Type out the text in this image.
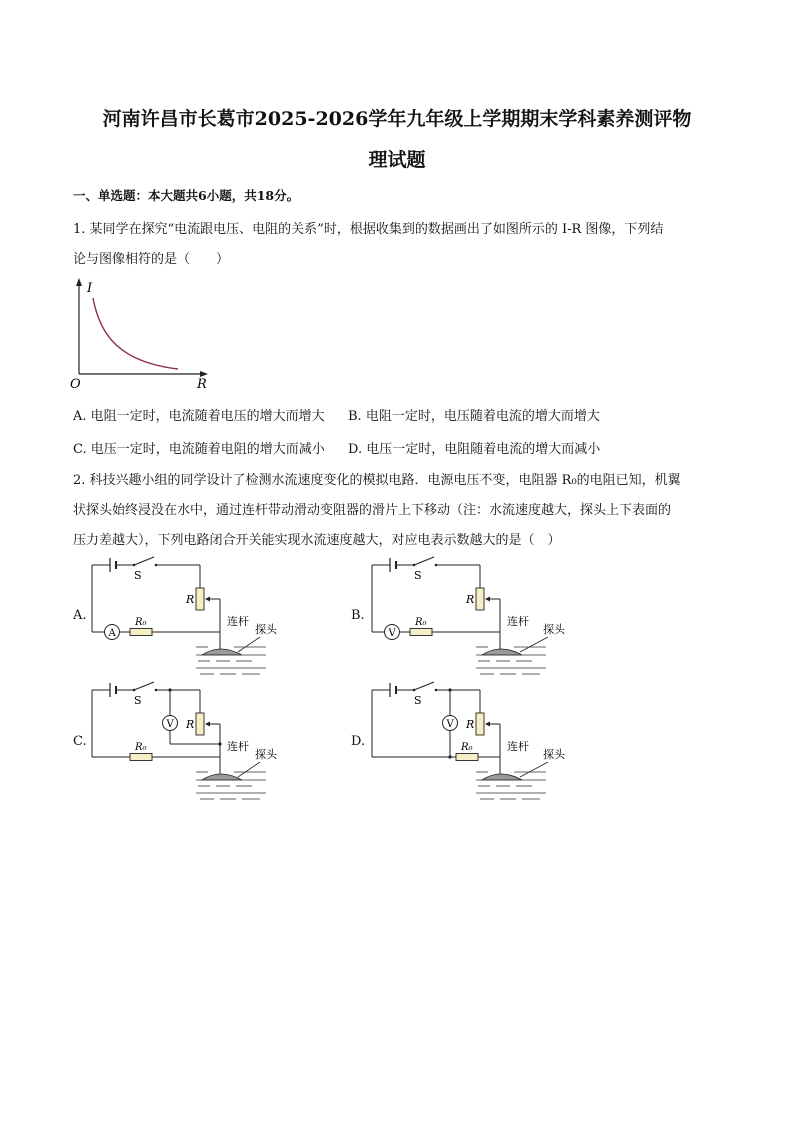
河南许昌市长葛市2025-2026学年九年级上学期期末学科素养测评物
理试题
一、单选题：本大题共6小题，共18分。
1. 某同学在探究“电流跟电压、电阻的关系”时，根据收集到的数据画出了如图所示的 I-R 图像，下列结
论与图像相符的是（　　）
I
O	R
A. 电阻一定时，电流随着电压的增大而增大 B. 电阻一定时，电压随着电流的增大而增大
C. 电压一定时，电流随着电阻的增大而减小 D. 电压一定时，电阻随着电流的增大而减小
2. 科技兴趣小组的同学设计了检测水流速度变化的模拟电路．电源电压不变，电阻器 R₀的电阻已知，机翼
状探头始终浸没在水中，通过连杆带动滑动变阻器的滑片上下移动（注：水流速度越大，探头上下表面的
压力差越大），下列电路闭合开关能实现水流速度越大，对应电表示数越大的是（　）
A.
S
R
A
R₀	连杆
探头
B.
S
R
V
R₀	连杆
探头
C.
S
V R
R₀	连杆
探头
D.
S
V R
R₀	连杆
探头
